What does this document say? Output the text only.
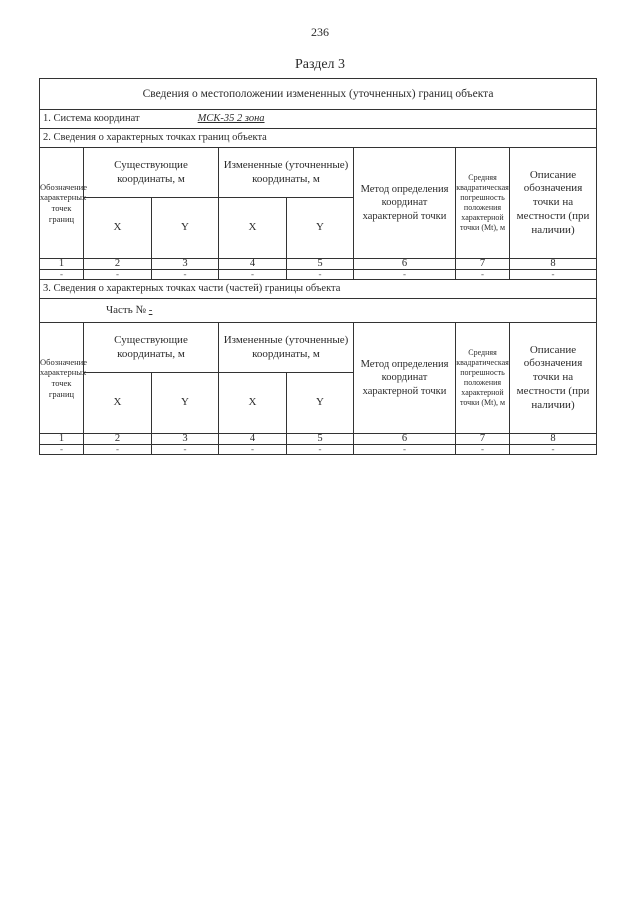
236
Раздел 3
Сведения о местоположении измененных (уточненных) границ объекта							
1. Система координат МСК-35 2 зона							
2. Сведения о характерных точках границ объекта							
Обозначение характерных точек границ	Существующие координаты, м		Измененные (уточненные) координаты, м		Метод определения координат характерной точки	Средняя квадратическая погрешность положения характерной точки (Mt), м	Описание обозначения точки на местности (при наличии)
	X	Y	X	Y			
1	2	3	4	5	6	7	8
-	-	-	-	-	-	-	-
3. Сведения о характерных точках части (частей) границы объекта							
Часть № -							
Обозначение характерных точек границ	Существующие координаты, м		Измененные (уточненные) координаты, м		Метод определения координат характерной точки	Средняя квадратическая погрешность положения характерной точки (Mt), м	Описание обозначения точки на местности (при наличии)
	X	Y	X	Y			
1	2	3	4	5	6	7	8
-	-	-	-	-	-	-	-
